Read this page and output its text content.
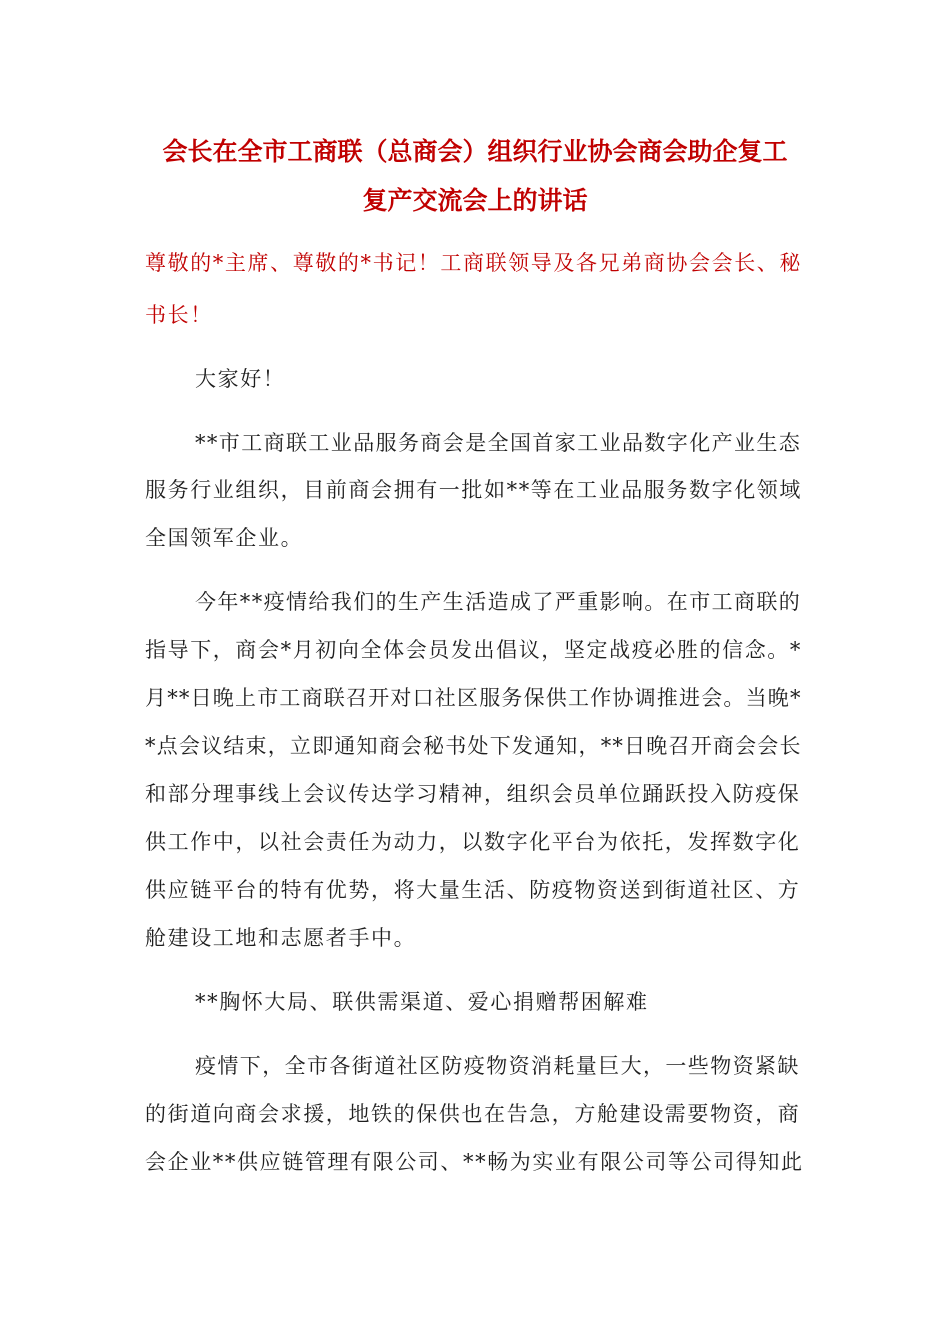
会长在全市工商联（总商会）组织行业协会商会助企复工
复产交流会上的讲话
尊敬的*主席、尊敬的*书记！工商联领导及各兄弟商协会会长、秘
书长！
大家好！
**市工商联工业品服务商会是全国首家工业品数字化产业生态
服务行业组织，目前商会拥有一批如**等在工业品服务数字化领域
全国领军企业。
今年**疫情给我们的生产生活造成了严重影响。在市工商联的
指导下，商会*月初向全体会员发出倡议，坚定战疫必胜的信念。*
月**日晚上市工商联召开对口社区服务保供工作协调推进会。当晚*
*点会议结束，立即通知商会秘书处下发通知，**日晚召开商会会长
和部分理事线上会议传达学习精神，组织会员单位踊跃投入防疫保
供工作中，以社会责任为动力，以数字化平台为依托，发挥数字化
供应链平台的特有优势，将大量生活、防疫物资送到街道社区、方
舱建设工地和志愿者手中。
**胸怀大局、联供需渠道、爱心捐赠帮困解难
疫情下，全市各街道社区防疫物资消耗量巨大，一些物资紧缺
的街道向商会求援，地铁的保供也在告急，方舱建设需要物资，商
会企业**供应链管理有限公司、**畅为实业有限公司等公司得知此
